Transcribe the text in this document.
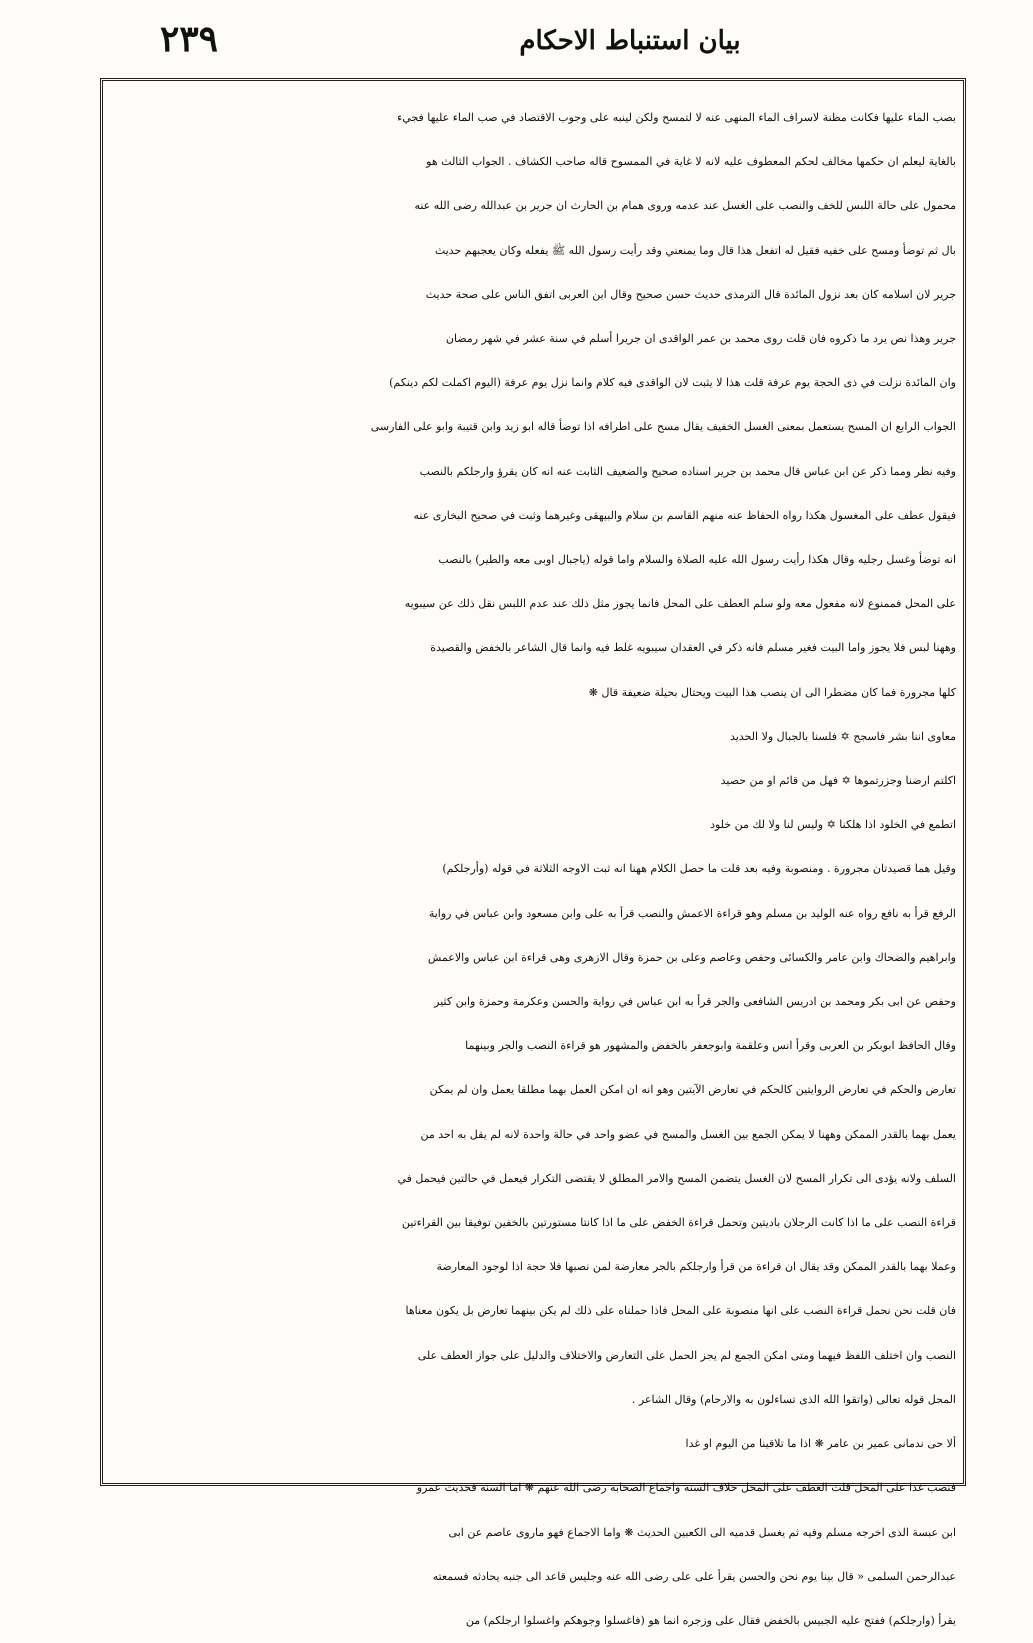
٢٣٩	بيان استنباط الاحكام
بصب الماء عليها فكانت مظنة لاسراف الماء المنهى عنه لا لتمسح ولكن لينبه على وجوب الاقتصاد في صب الماء عليها فجيء
بالغاية ليعلم ان حكمها مخالف لحكم المعطوف عليه لانه لا غاية في الممسوح قاله صاحب الكشاف . الجواب الثالث هو
محمول على حالة اللبس للخف والنصب على الغسل عند عدمه وروى همام بن الحارث ان جرير بن عبدالله رضى الله عنه
بال ثم توضأ ومسح على خفيه فقيل له اتفعل هذا قال وما يمنعني وقد رأيت رسول الله ﷺ يفعله وكان يعجبهم حديث
جرير لان اسلامه كان بعد نزول المائدة قال الترمذى حديث حسن صحيح وقال ابن العربى اتفق الناس على صحة حديث
جرير وهذا نص يرد ما ذكروه فان قلت روى محمد بن عمر الواقدى ان جريرا أسلم في سنة عشر في شهر رمضان
وان المائدة نزلت في ذى الحجة يوم عرفة قلت هذا لا يثبت لان الواقدى فيه كلام وانما نزل يوم عرفة (اليوم اكملت لكم دينكم)
الجواب الرابع ان المسح يستعمل بمعنى الغسل الخفيف يقال مسح على اطرافه اذا توضأ قاله ابو زيد وابن قتيبة وابو على الفارسى
وفيه نظر ومما ذكر عن ابن عباس قال محمد بن جرير اسناده صحيح والضعيف الثابت عنه انه كان يقرؤ وارجلكم بالنصب
فيقول عطف على المغسول هكذا رواه الحفاظ عنه منهم القاسم بن سلام والبيهقى وغيرهما وثبت في صحيح البخارى عنه
انه توضأ وغسل رجليه وقال هكذا رأيت رسول الله عليه الصلاة والسلام واما قوله (ياجبال اوبى معه والطير) بالنصب
على المحل فممنوع لانه مفعول معه ولو سلم العطف على المحل فانما يجوز مثل ذلك عند عدم اللبس نقل ذلك عن سيبويه
وههنا لبس فلا يجوز واما البيت فغير مسلم فانه ذكر في العقدان سيبويه غلط فيه وانما قال الشاعر بالخفض والقصيدة
كلها مجرورة فما كان مضطرا الى ان ينصب هذا البيت ويحتال بحيلة ضعيفة قال ❋
معاوى اننا بشر فاسجح ✡ فلسنا بالجبال ولا الحديد
اكلتم ارضنا وجزرتموها ✡ فهل من قائم او من حصيد
اتطمع في الخلود اذا هلكنا ✡ وليس لنا ولا لك من خلود
وقيل هما قصيدتان مجرورة . ومنصوبة وفيه بعد قلت ما حصل الكلام ههنا انه ثبت الاوجه الثلاثة في قوله (وأرجلكم)
الرفع قرأ به نافع رواه عنه الوليد بن مسلم وهو قراءة الاعمش والنصب قرأ به على وابن مسعود وابن عباس في رواية
وابراهيم والضحاك وابن عامر والكسائى وحفص وعاصم وعلى بن حمزة وقال الازهرى وهى قراءة ابن عباس والاعمش
وحفص عن ابى بكر ومحمد بن ادريس الشافعى والجر قرأ به ابن عباس في رواية والحسن وعكرمة وحمزة وابن كثير
وقال الحافظ ابوبكر بن العربى وقرأ انس وعلقمة وابوجعفر بالخفض والمشهور هو قراءة النصب والجر وبينهما
تعارض والحكم في تعارض الروايتين كالحكم في تعارض الآيتين وهو انه ان امكن العمل بهما مطلقا يعمل وان لم يمكن
يعمل بهما بالقدر الممكن وههنا لا يمكن الجمع بين الغسل والمسح في عضو واحد في حالة واحدة لانه لم يقل به احد من
السلف ولانه يؤدى الى تكرار المسح لان الغسل يتضمن المسح والامر المطلق لا يقتضى التكرار فيعمل في حالتين فيحمل في
قراءة النصب على ما اذا كانت الرجلان باديتين وتحمل قراءة الخفض على ما اذا كانتا مستورتين بالخفين توفيقا بين القراءتين
وعملا بهما بالقدر الممكن وقد يقال ان قراءة من قرأ وارجلكم بالجر معارضة لمن نصبها فلا حجة اذا لوجود المعارضة
فان قلت نحن نحمل قراءة النصب على انها منصوبة على المحل فاذا حملناه على ذلك لم يكن بينهما تعارض بل يكون معناها
النصب وان اختلف اللفظ فيهما ومتى امكن الجمع لم يجز الحمل على التعارض والاختلاف والدليل على جواز العطف على
المحل قوله تعالى (واتقوا الله الذى تساءلون به والارحام) وقال الشاعر .
ألا حى ندمانى عمير بن عامر ❋ اذا ما تلاقينا من اليوم او غدا
فنصب غدا على المحل قلت العطف على المحل خلاف السنة واجماع الصحابة رضى الله عنهم ❋ اما السنة فحديث عمرو
ابن عبسة الذى اخرجه مسلم وفيه ثم يغسل قدميه الى الكعبين الحديث ❋ واما الاجماع فهو ماروى عاصم عن ابى
عبدالرحمن السلمى « قال بينا يوم نحن والحسن يقرأ على على رضى الله عنه وجليس قاعد الى جنبه يحادثه فسمعته
يقرأ (وارجلكم) ففتح عليه الجبيس بالخفض فقال على وزجره انما هو (فاغسلوا وجوهكم واغسلوا ارجلكم) من
